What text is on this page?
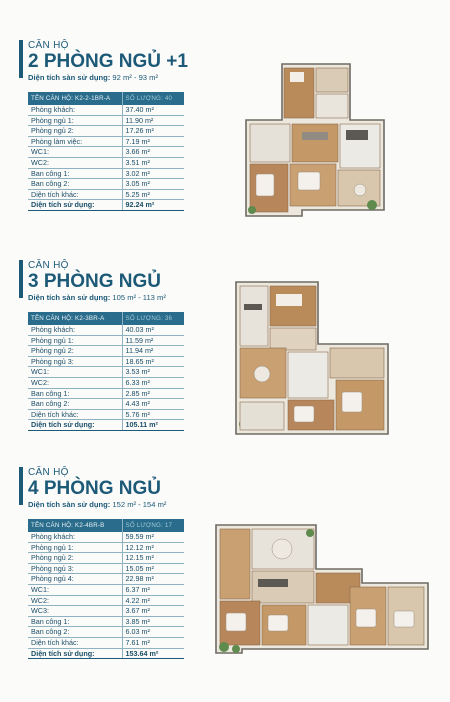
CĂN HỘ
2 PHÒNG NGỦ +1
Diện tích sàn sử dụng: 92 m² - 93 m²
TÊN CĂN HỘ: K2-2-1BR-A	SỐ LƯỢNG: 40
Phòng khách:	37.40 m²
Phòng ngủ 1:	11.90 m²
Phòng ngủ 2:	17.26 m²
Phòng làm việc:	7.19 m²
WC1:	3.66 m²
WC2:	3.51 m²
Ban công 1:	3.02 m²
Ban công 2:	3.05 m²
Diện tích khác:	5.25 m²
Diện tích sử dụng:	92.24 m²
CĂN HỘ
3 PHÒNG NGỦ
Diện tích sàn sử dụng: 105 m² - 113 m²
TÊN CĂN HỘ: K2-3BR-A	SỐ LƯỢNG: 36
Phòng khách:	40.03 m²
Phòng ngủ 1:	11.59 m²
Phòng ngủ 2:	11.94 m²
Phòng ngủ 3:	18.65 m²
WC1:	3.53 m²
WC2:	6.33 m²
Ban công 1:	2.85 m²
Ban công 2:	4.43 m²
Diện tích khác:	5.76 m²
Diện tích sử dụng:	105.11 m²
CĂN HỘ
4 PHÒNG NGỦ
Diện tích sàn sử dụng: 152 m² - 154 m²
TÊN CĂN HỘ: K2-4BR-B	SỐ LƯỢNG: 17
Phòng khách:	59.59 m²
Phòng ngủ 1:	12.12 m²
Phòng ngủ 2:	12.15 m²
Phòng ngủ 3:	15.05 m²
Phòng ngủ 4:	22.98 m²
WC1:	6.37 m²
WC2:	4.22 m²
WC3:	3.67 m²
Ban công 1:	3.85 m²
Ban công 2:	6.03 m²
Diện tích khác:	7.61 m²
Diện tích sử dụng:	153.64 m²
